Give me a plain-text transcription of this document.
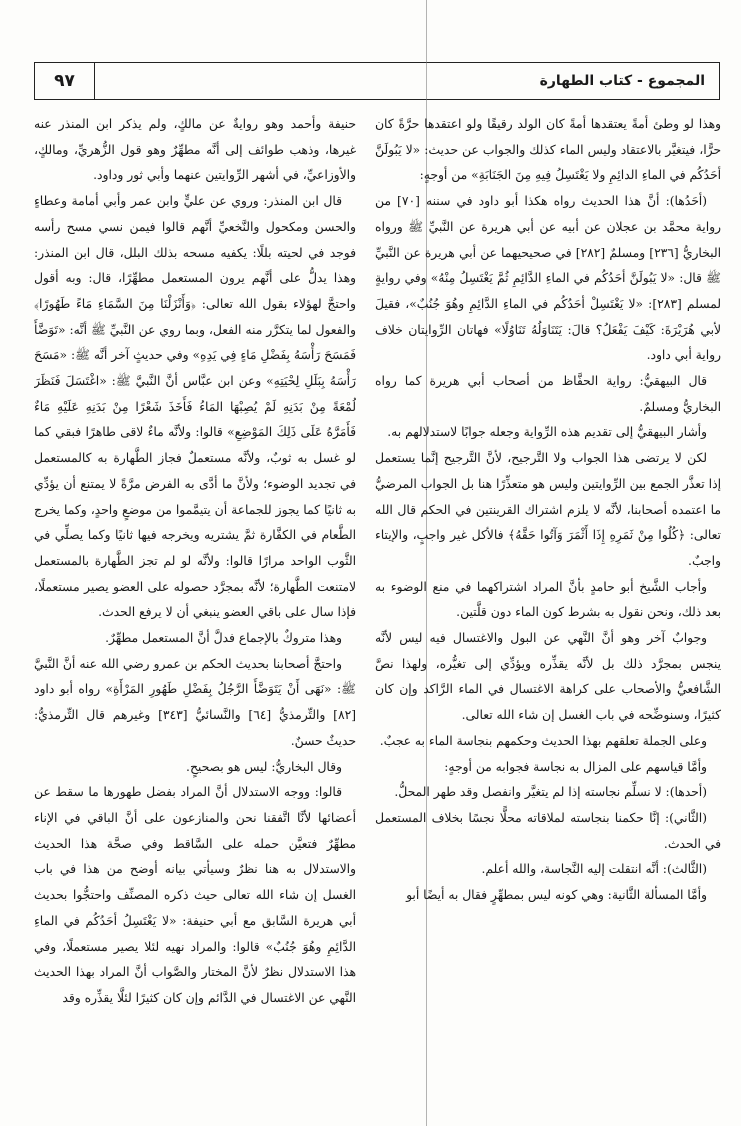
٩٧	المجموع - كتاب الطهارة

وهذا لو وطئ أمةً يعتقدها أمةً كان الولد رقيقًا ولو اعتقدها حرَّةً كان حرًّا، فيتغيَّر بالاعتقاد وليس الماء كذلك والجواب عن حديث: «لا يَبُولَنَّ أحَدُكُم في الماءِ الدائِمِ ولا يَغْتَسِلُ فِيهِ مِنَ الجَنَابَةِ» من أوجهٍ:

(أحَدُها): أنَّ هذا الحديث رواه هكذا أبو داود في سننه [٧٠] من رواية محمَّد بن عجلان عن أبيه عن أبي هريرة عن النَّبيِّ ﷺ ورواه البخاريُّ [٢٣٦] ومسلمٌ [٢٨٢] في صحيحيهما عن أبي هريرة عن النَّبيِّ ﷺ قال: «لا يَبُولَنَّ أحَدُكُم في الماءِ الدَّائِمِ ثُمَّ يَغْتَسِلُ مِنْهُ» وفي روايةٍ لمسلم [٢٨٣]: «لا يَغْتَسِلْ أحَدُكُم في الماءِ الدَّائِمِ وهُوَ جُنُبٌ»، فقيلَ لأبي هُرَيْرَةَ: كَيْفَ يَفْعَلُ؟ قالَ: يَتَنَاوَلُهُ تَنَاوُلًا» فهاتان الرِّوايتان خلاف رواية أبي داود.

قال البيهقيُّ: رواية الحفَّاظ من أصحاب أبي هريرة كما رواه البخاريُّ ومسلمٌ.

وأشار البيهقيُّ إلى تقديم هذه الرِّواية وجعله جوابًا لاستدلالهم به.

لكن لا يرتضى هذا الجواب ولا التَّرجيح، لأنَّ التَّرجيح إنَّما يستعمل إذا تعذَّر الجمع بين الرِّوايتين وليس هو متعذِّرًا هنا بل الجواب المرضيُّ ما اعتمده أصحابنا، لأنَّه لا يلزم اشتراك القرينتين في الحكم قال الله تعالى: ﴿كُلُوا مِنْ ثَمَرِهِ إِذَا أَثْمَرَ وَآتُوا حَقَّهُ﴾ فالأكل غير واجبٍ، والإيتاء واجبٌ.

وأجاب الشَّيخ أبو حامدٍ بأنَّ المراد اشتراكهما في منع الوضوء به بعد ذلك، ونحن نقول به بشرط كون الماء دون قلَّتين.

وجوابٌ آخر وهو أنَّ النَّهي عن البول والاغتسال فيه ليس لأنَّه ينجس بمجرَّد ذلك بل لأنَّه يقذِّره ويؤدِّي إلى تغيُّره، ولهذا نصَّ الشَّافعيُّ والأصحاب على كراهة الاغتسال في الماء الرَّاكد وإن كان كثيرًا، وسنوضِّحه في باب الغسل إن شاء الله تعالى.

وعلى الجملة تعلقهم بهذا الحديث وحكمهم بنجاسة الماء به عجبٌ.

وأمَّا قياسهم على المزال به نجاسة فجوابه من أوجهٍ:

(أحدها): لا نسلِّم نجاسته إذا لم يتغيَّر وانفصل وقد طهر المحلُّ.

(الثَّاني): إنَّا حكمنا بنجاسته لملاقاته محلًّا نجسًا بخلاف المستعمل في الحدث.

(الثَّالث): أنَّه انتقلت إليه النَّجاسة، والله أعلم.

وأمَّا المسألة الثَّانية: وهي كونه ليس بمطهِّرٍ فقال به أيضًا أبو

حنيفة وأحمد وهو روايةٌ عن مالكٍ، ولم يذكر ابن المنذر عنه غيرها، وذهب طوائف إلى أنَّه مطهِّرٌ وهو قول الزُّهريِّ، ومالكٍ، والأوزاعيِّ، في أشهر الرِّوايتين عنهما وأبي ثور وداود.

قال ابن المنذر: وروي عن عليٍّ وابن عمر وأبي أمامة وعطاءٍ والحسن ومكحول والنَّخعيِّ أنَّهم قالوا فيمن نسي مسح رأسه فوجد في لحيته بللًا: يكفيه مسحه بذلك البلل، قال ابن المنذر: وهذا يدلُّ على أنَّهم يرون المستعمل مطهِّرًا، قال: وبه أقول واحتجَّ لهؤلاء بقول الله تعالى: ﴿وَأَنْزَلْنَا مِنَ السَّمَاءِ مَاءً طَهُورًا﴾ والفعول لما يتكرَّر منه الفعل، وبما روي عن النَّبيِّ ﷺ أنَّه: «تَوَضَّأَ فَمَسَحَ رَأْسَهُ بِفَضْلِ مَاءٍ فِي يَدِهِ» وفي حديثٍ آخر أنَّه ﷺ: «مَسَحَ رَأْسَهُ بِبَلَلِ لِحْيَتِهِ» وعن ابن عبَّاس أنَّ النَّبيَّ ﷺ: «اغْتَسَلَ فَنَظَرَ لُمْعَةً مِنْ بَدَنِهِ لَمْ يُصِبْهَا المَاءُ فَأَخَذَ شَعْرًا مِنْ بَدَنِهِ عَلَيْهِ مَاءٌ فَأَمَرَّهُ عَلَى ذَلِكَ المَوْضِعِ» قالوا: ولأنَّه ماءٌ لاقى طاهرًا فبقي كما لو غسل به ثوبٌ، ولأنَّه مستعملٌ فجاز الطَّهارة به كالمستعمل في تجديد الوضوء؛ ولأنَّ ما أدَّى به الفرض مرَّةً لا يمتنع أن يؤدِّي به ثانيًا كما يجوز للجماعة أن يتيمَّموا من موضعٍ واحدٍ، وكما يخرج الطَّعام في الكفَّارة ثمَّ يشتريه ويخرجه فيها ثانيًا وكما يصلِّي في الثَّوب الواحد مرارًا قالوا: ولأنَّه لو لم تجز الطَّهارة بالمستعمل لامتنعت الطَّهارة؛ لأنَّه بمجرَّد حصوله على العضو يصير مستعملًا، فإذا سال على باقي العضو ينبغي أن لا يرفع الحدث.

وهذا متروكٌ بالإجماع فدلَّ أنَّ المستعمل مطهِّرٌ.

واحتجَّ أصحابنا بحديث الحكم بن عمرو رضي الله عنه أنَّ النَّبيَّ ﷺ: «نَهَى أَنْ يَتَوَضَّأَ الرَّجُلُ بِفَضْلِ طَهُورِ المَرْأَةِ» رواه أبو داود [٨٢] والتِّرمذيُّ [٦٤] والنَّسائيُّ [٣٤٣] وغيرهم قال التِّرمذيُّ: حديثٌ حسنٌ.

وقال البخاريُّ: ليس هو بصحيحٍ.

قالوا: ووجه الاستدلال أنَّ المراد بفضل طهورها ما سقط عن أعضائها لأنَّا اتَّفقنا نحن والمنازعون على أنَّ الباقي في الإناء مطهِّرٌ فتعيَّن حمله على السَّاقط وفي صحَّة هذا الحديث والاستدلال به هنا نظرٌ وسيأتي بيانه أوضح من هذا في باب الغسل إن شاء الله تعالى حيث ذكره المصنِّف واحتجُّوا بحديث أبي هريرة السَّابق مع أبي حنيفة: «لا يَغْتَسِلُ أحَدُكُم في الماءِ الدَّائِمِ وهُوَ جُنُبٌ» قالوا: والمراد نهيه لئلا يصير مستعملًا، وفي هذا الاستدلال نظرٌ لأنَّ المختار والصَّواب أنَّ المراد بهذا الحديث النَّهي عن الاغتسال في الدَّائم وإن كان كثيرًا لئلَّا يقذِّره وقد
